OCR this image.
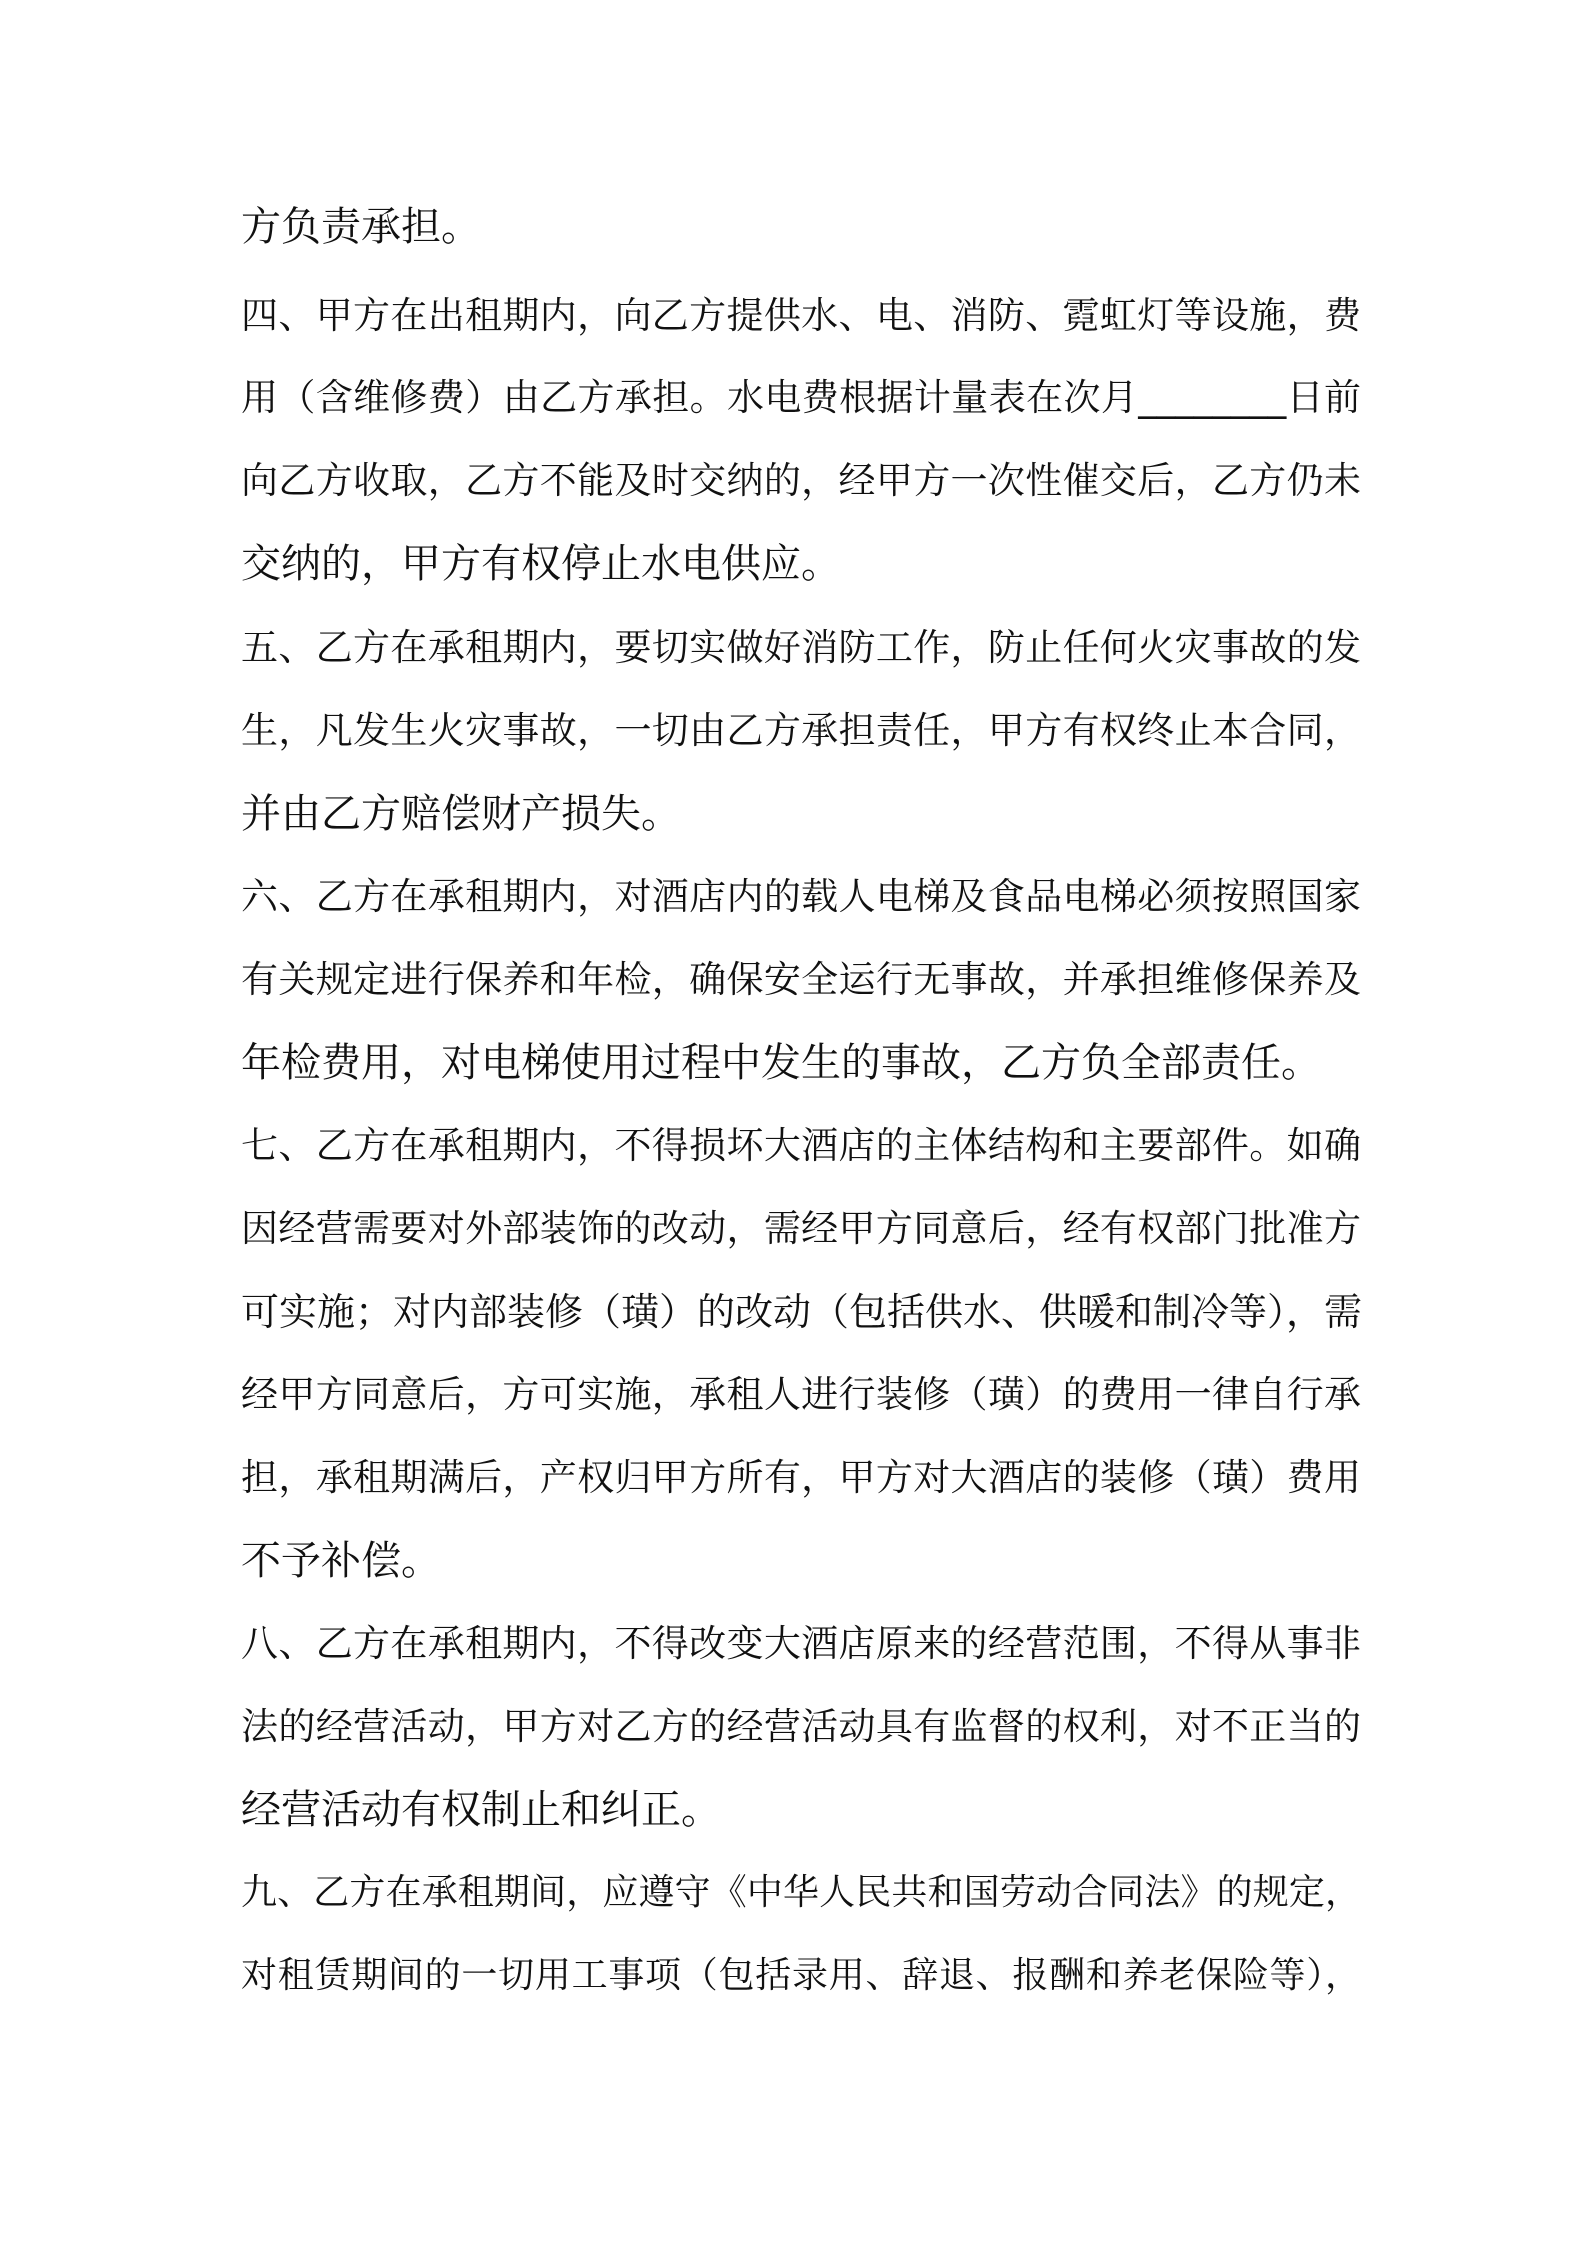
方负责承担。
四、甲方在出租期内，向乙方提供水、电、消防、霓虹灯等设施，费
用（含维修费）由乙方承担。水电费根据计量表在次月________日前
向乙方收取，乙方不能及时交纳的，经甲方一次性催交后，乙方仍未
交纳的，甲方有权停止水电供应。
五、乙方在承租期内，要切实做好消防工作，防止任何火灾事故的发
生，凡发生火灾事故，一切由乙方承担责任，甲方有权终止本合同，
并由乙方赔偿财产损失。
六、乙方在承租期内，对酒店内的载人电梯及食品电梯必须按照国家
有关规定进行保养和年检，确保安全运行无事故，并承担维修保养及
年检费用，对电梯使用过程中发生的事故，乙方负全部责任。
七、乙方在承租期内，不得损坏大酒店的主体结构和主要部件。如确
因经营需要对外部装饰的改动，需经甲方同意后，经有权部门批准方
可实施；对内部装修（璜）的改动（包括供水、供暖和制冷等），需
经甲方同意后，方可实施，承租人进行装修（璜）的费用一律自行承
担，承租期满后，产权归甲方所有，甲方对大酒店的装修（璜）费用
不予补偿。
八、乙方在承租期内，不得改变大酒店原来的经营范围，不得从事非
法的经营活动，甲方对乙方的经营活动具有监督的权利，对不正当的
经营活动有权制止和纠正。
九、乙方在承租期间，应遵守《中华人民共和国劳动合同法》的规定，
对租赁期间的一切用工事项（包括录用、辞退、报酬和养老保险等），
